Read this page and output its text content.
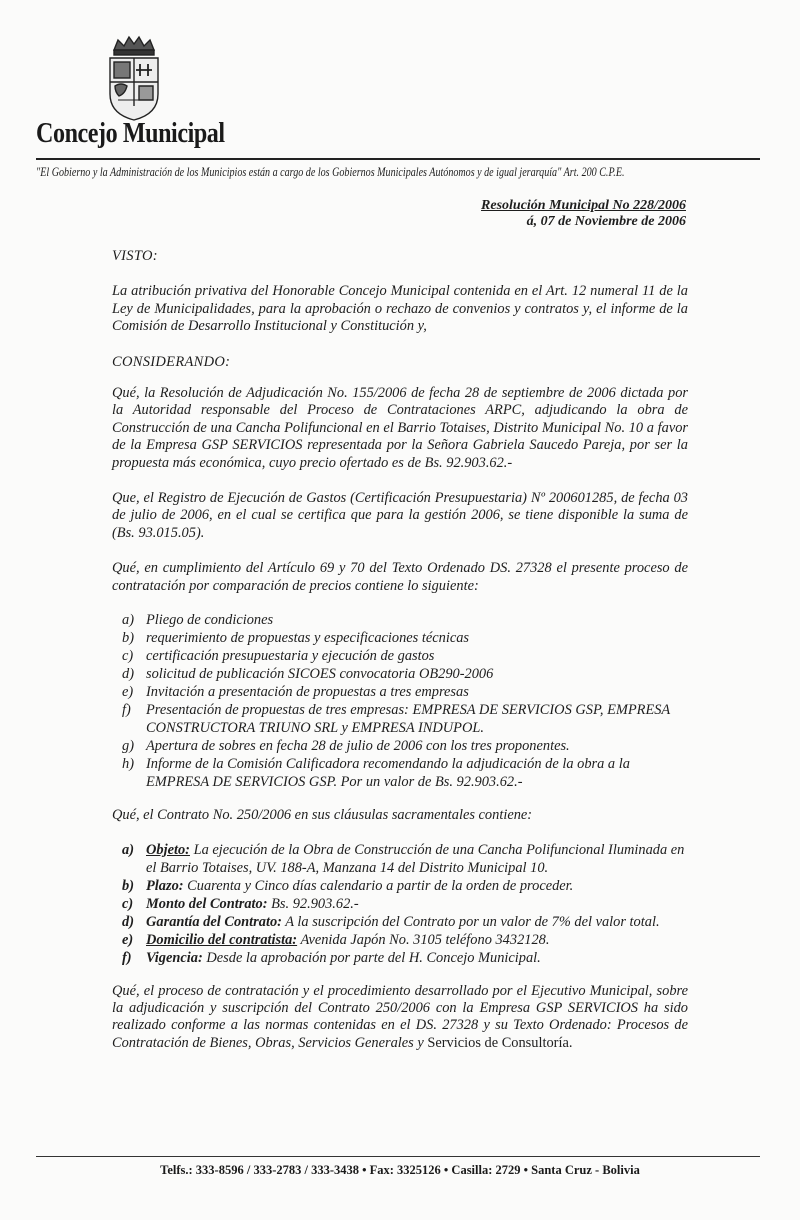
Concejo Municipal
"El Gobierno y la Administración de los Municipios están a cargo de los Gobiernos Municipales Autónomos y de igual jerarquía" Art. 200 C.P.E.
Resolución Municipal No 228/2006
á, 07 de Noviembre de 2006
VISTO:

La atribución privativa del Honorable Concejo Municipal contenida en el Art. 12 numeral 11 de la Ley de Municipalidades, para la aprobación o rechazo de convenios y contratos y, el informe de la Comisión de Desarrollo Institucional y Constitución y,

CONSIDERANDO:

Qué, la Resolución de Adjudicación No. 155/2006 de fecha 28 de septiembre de 2006 dictada por la Autoridad responsable del Proceso de Contrataciones ARPC, adjudicando la obra de Construcción de una Cancha Polifuncional en el Barrio Totaises, Distrito Municipal No. 10 a favor de la Empresa GSP SERVICIOS representada por la Señora Gabriela Saucedo Pareja, por ser la propuesta más económica, cuyo precio ofertado es de Bs. 92.903.62.-

Que, el Registro de Ejecución de Gastos (Certificación Presupuestaria) Nº 200601285, de fecha 03 de julio de 2006, en el cual se certifica que para la gestión 2006, se tiene disponible la suma de (Bs. 93.015.05).

Qué, en cumplimiento del Artículo 69 y 70 del Texto Ordenado DS. 27328 el presente proceso de contratación por comparación de precios contiene lo siguiente:

a) Pliego de condiciones
b) requerimiento de propuestas y especificaciones técnicas
c) certificación presupuestaria y ejecución de gastos
d) solicitud de publicación SICOES convocatoria OB290-2006
e) Invitación a presentación de propuestas a tres empresas
f) Presentación de propuestas de tres empresas: EMPRESA DE SERVICIOS GSP, EMPRESA CONSTRUCTORA TRIUNO SRL y EMPRESA INDUPOL.
g) Apertura de sobres en fecha 28 de julio de 2006 con los tres proponentes.
h) Informe de la Comisión Calificadora recomendando la adjudicación de la obra a la EMPRESA DE SERVICIOS GSP. Por un valor de Bs. 92.903.62.-

Qué, el Contrato No. 250/2006 en sus cláusulas sacramentales contiene:

a) Objeto: La ejecución de la Obra de Construcción de una Cancha Polifuncional Iluminada en el Barrio Totaises, UV. 188-A, Manzana 14 del Distrito Municipal 10.
b) Plazo: Cuarenta y Cinco días calendario a partir de la orden de proceder.
c) Monto del Contrato: Bs. 92.903.62.-
d) Garantía del Contrato: A la suscripción del Contrato por un valor de 7% del valor total.
e) Domicilio del contratista: Avenida Japón No. 3105 teléfono 3432128.
f) Vigencia: Desde la aprobación por parte del H. Concejo Municipal.

Qué, el proceso de contratación y el procedimiento desarrollado por el Ejecutivo Municipal, sobre la adjudicación y suscripción del Contrato 250/2006 con la Empresa GSP SERVICIOS ha sido realizado conforme a las normas contenidas en el DS. 27328 y su Texto Ordenado: Procesos de Contratación de Bienes, Obras, Servicios Generales y Servicios de Consultoría.

Telfs.: 333-8596 / 333-2783 / 333-3438 • Fax: 3325126 • Casilla: 2729 • Santa Cruz - Bolivia
